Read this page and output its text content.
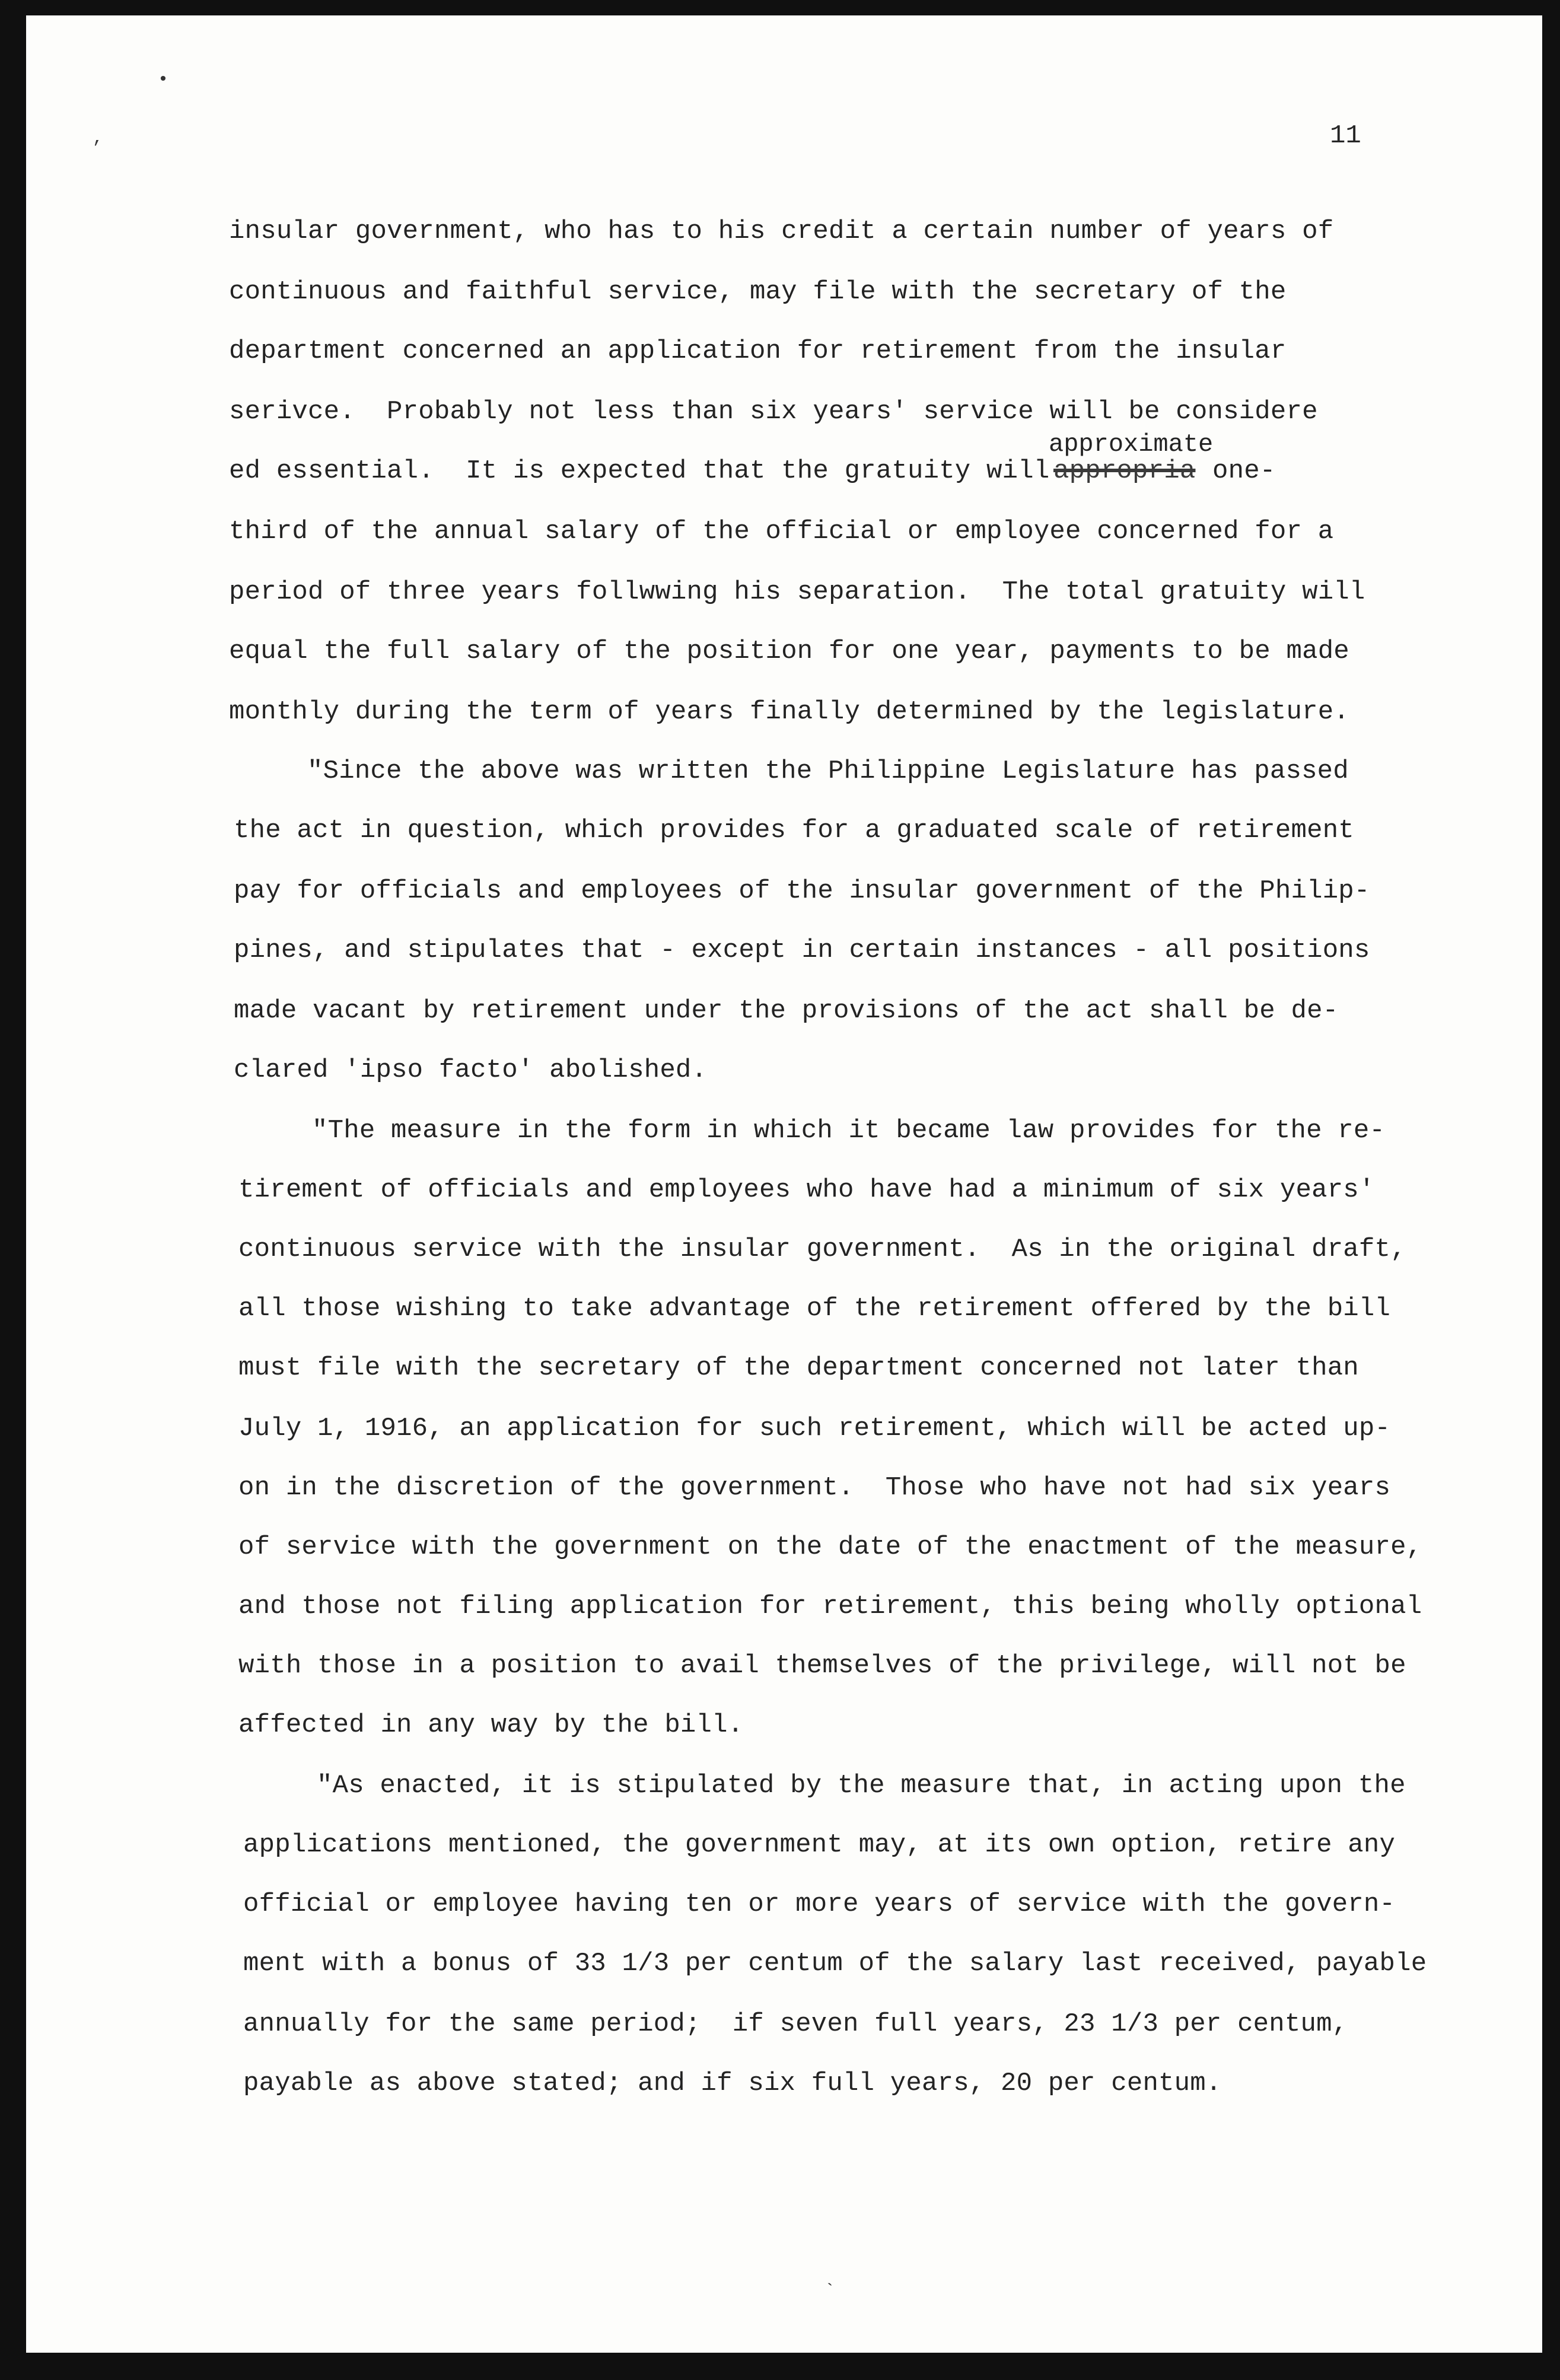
•
,	11
approximate
insular government, who has to his credit a certain number of years of
continuous and faithful service, may file with the secretary of the
department concerned an application for retirement from the insular
serivce.  Probably not less than six years' service will be considere
ed essential.  It is expected that the gratuity will appropria one-
third of the annual salary of the official or employee concerned for a
period of three years follwwing his separation.  The total gratuity will
equal the full salary of the position for one year, payments to be made
monthly during the term of years finally determined by the legislature.
"Since the above was written the Philippine Legislature has passed
the act in question, which provides for a graduated scale of retirement
pay for officials and employees of the insular government of the Philip-
pines, and stipulates that - except in certain instances - all positions
made vacant by retirement under the provisions of the act shall be de-
clared 'ipso facto' abolished.
"The measure in the form in which it became law provides for the re-
tirement of officials and employees who have had a minimum of six years'
continuous service with the insular government.  As in the original draft,
all those wishing to take advantage of the retirement offered by the bill
must file with the secretary of the department concerned not later than
July 1, 1916, an application for such retirement, which will be acted up-
on in the discretion of the government.  Those who have not had six years
of service with the government on the date of the enactment of the measure,
and those not filing application for retirement, this being wholly optional
with those in a position to avail themselves of the privilege, will not be
affected in any way by the bill.
"As enacted, it is stipulated by the measure that, in acting upon the
applications mentioned, the government may, at its own option, retire any
official or employee having ten or more years of service with the govern-
ment with a bonus of 33 1/3 per centum of the salary last received, payable
annually for the same period;  if seven full years, 23 1/3 per centum,
payable as above stated; and if six full years, 20 per centum.
`
